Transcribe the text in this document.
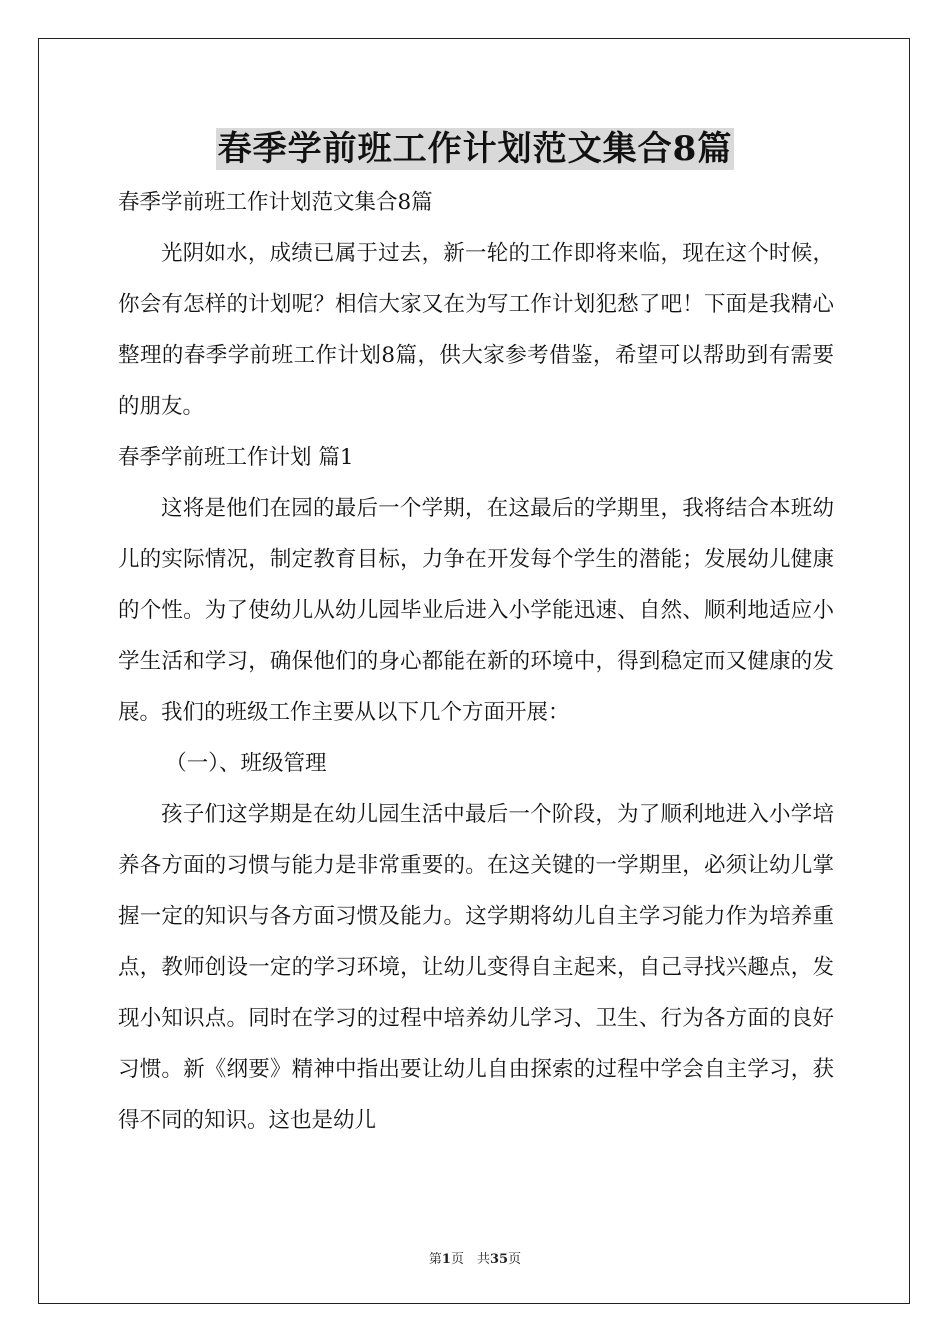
春季学前班工作计划范文集合8篇

春季学前班工作计划范文集合8篇

光阴如水，成绩已属于过去，新一轮的工作即将来临，现在这个时候，你会有怎样的计划呢？相信大家又在为写工作计划犯愁了吧！下面是我精心整理的春季学前班工作计划8篇，供大家参考借鉴，希望可以帮助到有需要的朋友。

春季学前班工作计划 篇1

这将是他们在园的最后一个学期，在这最后的学期里，我将结合本班幼儿的实际情况，制定教育目标，力争在开发每个学生的潜能；发展幼儿健康的个性。为了使幼儿从幼儿园毕业后进入小学能迅速、自然、顺利地适应小学生活和学习，确保他们的身心都能在新的环境中，得到稳定而又健康的发展。我们的班级工作主要从以下几个方面开展：

（一）、班级管理

孩子们这学期是在幼儿园生活中最后一个阶段，为了顺利地进入小学培养各方面的习惯与能力是非常重要的。在这关键的一学期里，必须让幼儿掌握一定的知识与各方面习惯及能力。这学期将幼儿自主学习能力作为培养重点，教师创设一定的学习环境，让幼儿变得自主起来，自己寻找兴趣点，发现小知识点。同时在学习的过程中培养幼儿学习、卫生、行为各方面的良好习惯。新《纲要》精神中指出要让幼儿自由探索的过程中学会自主学习，获得不同的知识。这也是幼儿

第1页　共35页
